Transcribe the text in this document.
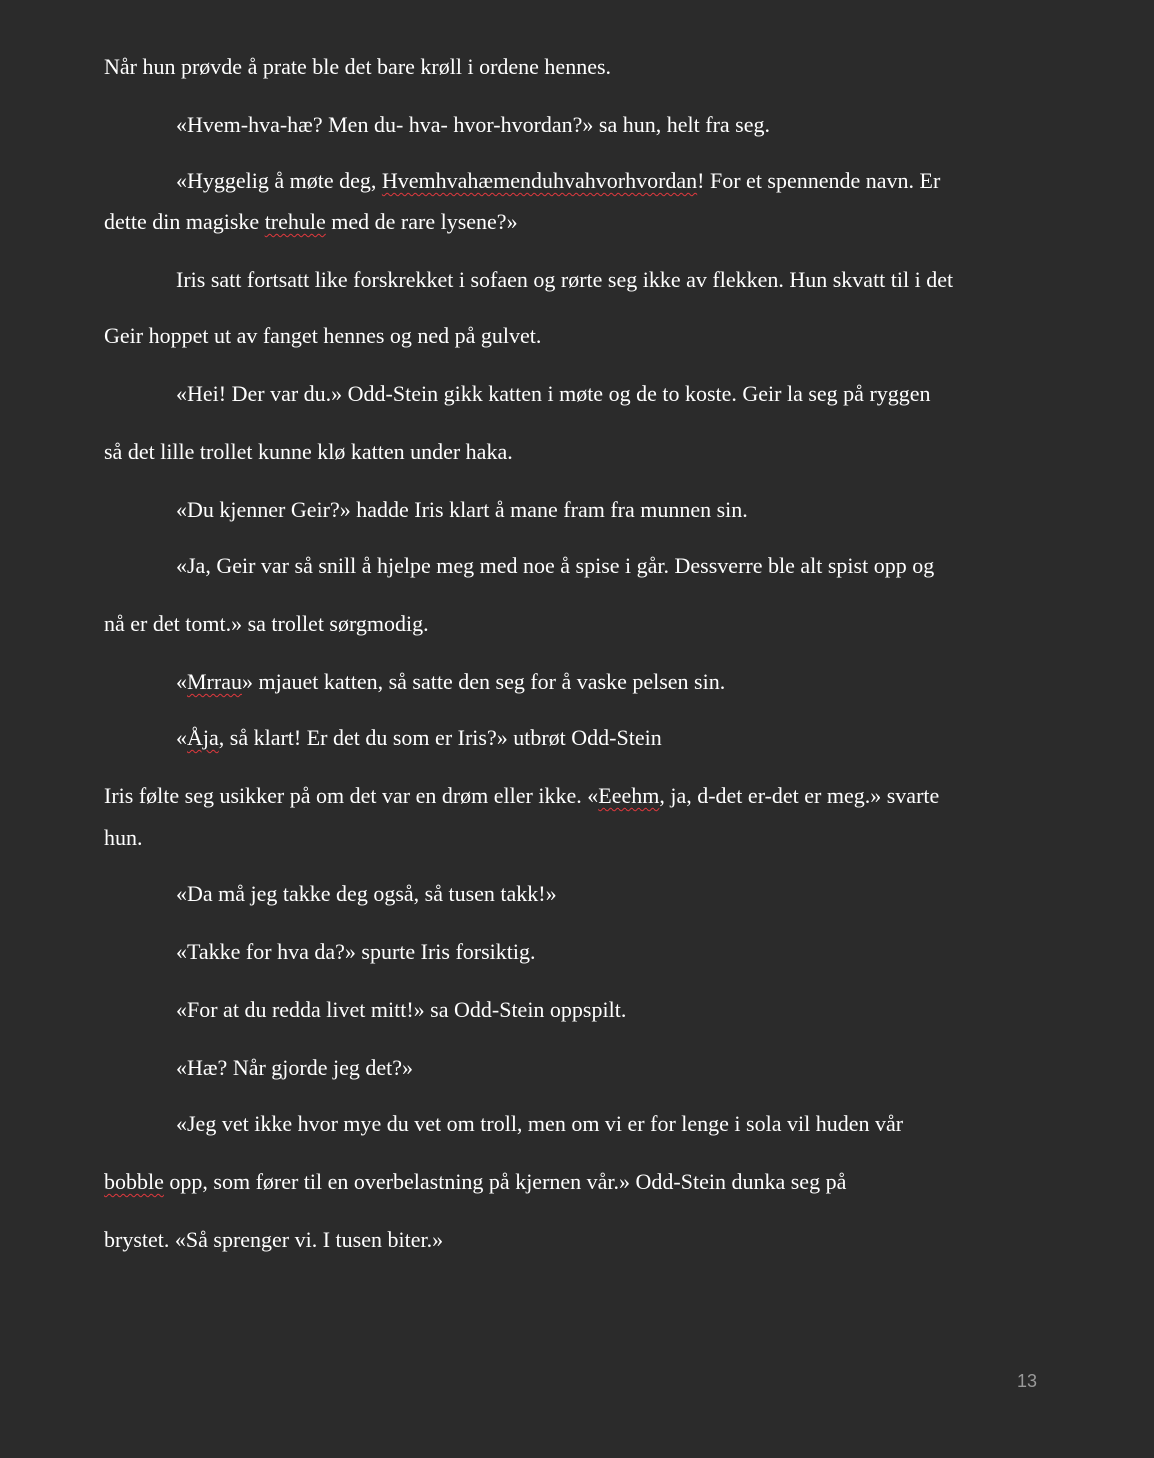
Når hun prøvde å prate ble det bare krøll i ordene hennes.
«Hvem-hva-hæ? Men du- hva- hvor-hvordan?» sa hun, helt fra seg.
«Hyggelig å møte deg, Hvemhvahæmenduhvahvorhvordan! For et spennende navn. Er
dette din magiske trehule med de rare lysene?»
Iris satt fortsatt like forskrekket i sofaen og rørte seg ikke av flekken. Hun skvatt til i det
Geir hoppet ut av fanget hennes og ned på gulvet.
«Hei! Der var du.» Odd-Stein gikk katten i møte og de to koste. Geir la seg på ryggen
så det lille trollet kunne klø katten under haka.
«Du kjenner Geir?» hadde Iris klart å mane fram fra munnen sin.
«Ja, Geir var så snill å hjelpe meg med noe å spise i går. Dessverre ble alt spist opp og
nå er det tomt.» sa trollet sørgmodig.
«Mrrau» mjauet katten, så satte den seg for å vaske pelsen sin.
«Åja, så klart! Er det du som er Iris?» utbrøt Odd-Stein
Iris følte seg usikker på om det var en drøm eller ikke. «Eeehm, ja, d-det er-det er meg.» svarte
hun.
«Da må jeg takke deg også, så tusen takk!»
«Takke for hva da?» spurte Iris forsiktig.
«For at du redda livet mitt!» sa Odd-Stein oppspilt.
«Hæ? Når gjorde jeg det?»
«Jeg vet ikke hvor mye du vet om troll, men om vi er for lenge i sola vil huden vår
bobble opp, som fører til en overbelastning på kjernen vår.» Odd-Stein dunka seg på
brystet. «Så sprenger vi. I tusen biter.»
13
